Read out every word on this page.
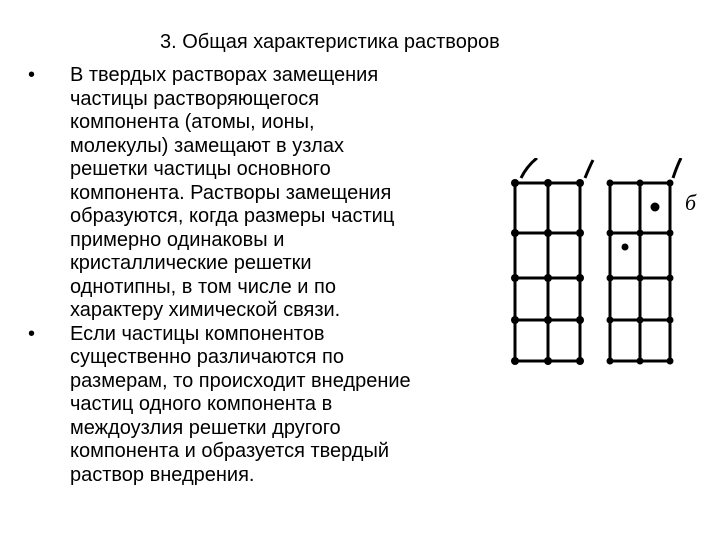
3. Общая характеристика растворов
•	В твердых растворах замещения
частицы растворяющегося
компонента (атомы, ионы,
молекулы) замещают в узлах
решетки частицы основного
компонента. Растворы замещения
образуются, когда размеры частиц
примерно одинаковы и
кристаллические решетки
однотипны, в том числе и по
характеру химической связи.
•	Если частицы компонентов
существенно различаются по
размерам, то происходит внедрение
частиц одного компонента в
междоузлия решетки другого
компонента и образуется твердый
раствор внедрения.
б
